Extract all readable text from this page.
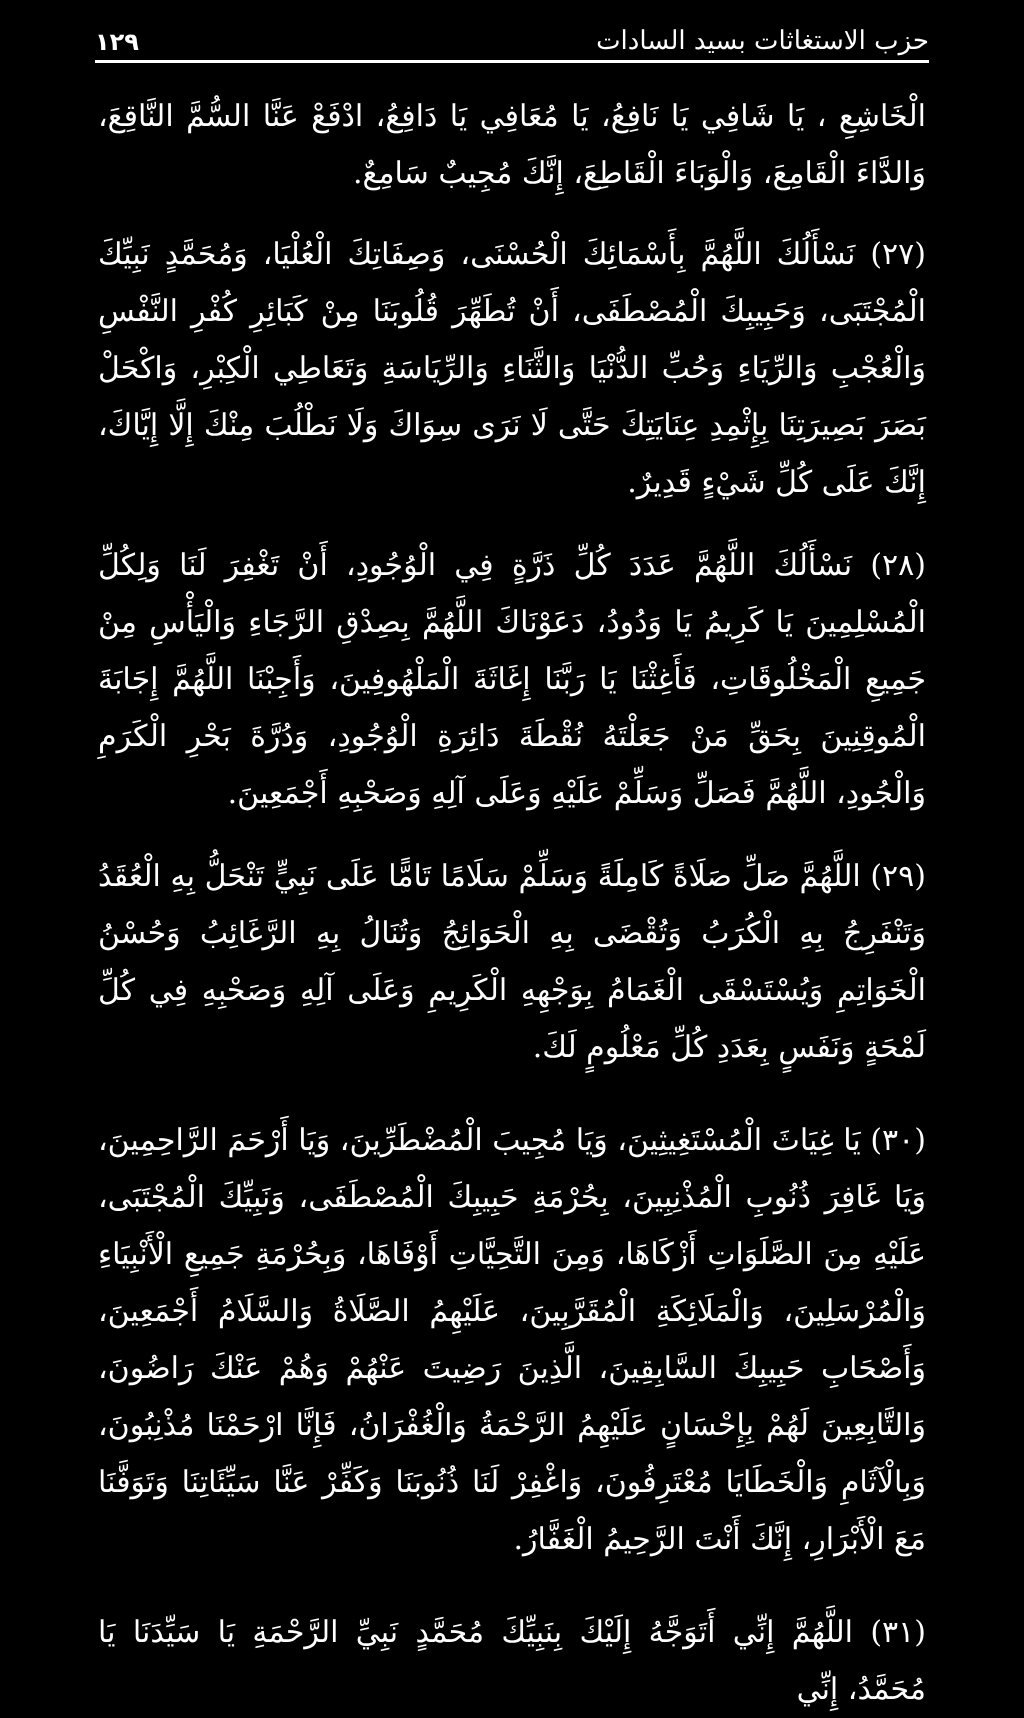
١٢٩	حزب الاستغاثات بسيد السادات

الْخَاشِعِ ، يَا شَافِي يَا نَافِعُ، يَا مُعَافِي يَا دَافِعُ، ادْفَعْ عَنَّا السُّمَّ النَّاقِعَ، وَالدَّاءَ الْقَامِعَ، وَالْوَبَاءَ الْقَاطِعَ، إِنَّكَ مُجِيبٌ سَامِعٌ.

(٢٧) نَسْأَلُكَ اللَّهُمَّ بِأَسْمَائِكَ الْحُسْنَى، وَصِفَاتِكَ الْعُلْيَا، وَمُحَمَّدٍ نَبِيِّكَ الْمُجْتَبَى، وَحَبِيبِكَ الْمُصْطَفَى، أَنْ تُطَهِّرَ قُلُوبَنَا مِنْ كَبَائِرِ كُفْرِ النَّفْسِ وَالْعُجْبِ وَالرِّيَاءِ وَحُبِّ الدُّنْيَا وَالثَّنَاءِ وَالرِّيَاسَةِ وَتَعَاطِي الْكِبْرِ، وَاكْحَلْ بَصَرَ بَصِيرَتِنَا بِإِثْمِدِ عِنَايَتِكَ حَتَّى لَا نَرَى سِوَاكَ وَلَا نَطْلُبَ مِنْكَ إِلَّا إِيَّاكَ، إِنَّكَ عَلَى كُلِّ شَيْءٍ قَدِيرٌ.

(٢٨) نَسْأَلُكَ اللَّهُمَّ عَدَدَ كُلِّ ذَرَّةٍ فِي الْوُجُودِ، أَنْ تَغْفِرَ لَنَا وَلِكُلِّ الْمُسْلِمِينَ يَا كَرِيمُ يَا وَدُودُ، دَعَوْنَاكَ اللَّهُمَّ بِصِدْقِ الرَّجَاءِ وَالْيَأْسِ مِنْ جَمِيعِ الْمَخْلُوقَاتِ، فَأَغِثْنَا يَا رَبَّنَا إِغَاثَةَ الْمَلْهُوفِينَ، وَأَجِبْنَا اللَّهُمَّ إِجَابَةَ الْمُوقِنِينَ بِحَقِّ مَنْ جَعَلْتَهُ نُقْطَةَ دَائِرَةِ الْوُجُودِ، وَدُرَّةَ بَحْرِ الْكَرَمِ وَالْجُودِ، اللَّهُمَّ فَصَلِّ وَسَلِّمْ عَلَيْهِ وَعَلَى آلِهِ وَصَحْبِهِ أَجْمَعِينَ.

(٢٩) اللَّهُمَّ صَلِّ صَلَاةً كَامِلَةً وَسَلِّمْ سَلَامًا تَامًّا عَلَى نَبِيٍّ تَنْحَلُّ بِهِ الْعُقَدُ وَتَنْفَرِجُ بِهِ الْكُرَبُ وَتُقْضَى بِهِ الْحَوَائِجُ وَتُنَالُ بِهِ الرَّغَائِبُ وَحُسْنُ الْخَوَاتِمِ وَيُسْتَسْقَى الْغَمَامُ بِوَجْهِهِ الْكَرِيمِ وَعَلَى آلِهِ وَصَحْبِهِ فِي كُلِّ لَمْحَةٍ وَنَفَسٍ بِعَدَدِ كُلِّ مَعْلُومٍ لَكَ.

(٣٠) يَا غِيَاثَ الْمُسْتَغِيثِينَ، وَيَا مُجِيبَ الْمُضْطَرِّينَ، وَيَا أَرْحَمَ الرَّاحِمِينَ، وَيَا غَافِرَ ذُنُوبِ الْمُذْنِبِينَ، بِحُرْمَةِ حَبِيبِكَ الْمُصْطَفَى، وَنَبِيِّكَ الْمُجْتَبَى، عَلَيْهِ مِنَ الصَّلَوَاتِ أَزْكَاهَا، وَمِنَ التَّحِيَّاتِ أَوْفَاهَا، وَبِحُرْمَةِ جَمِيعِ الْأَنْبِيَاءِ وَالْمُرْسَلِينَ، وَالْمَلَائِكَةِ الْمُقَرَّبِينَ، عَلَيْهِمُ الصَّلَاةُ وَالسَّلَامُ أَجْمَعِينَ، وَأَصْحَابِ حَبِيبِكَ السَّابِقِينَ، الَّذِينَ رَضِيتَ عَنْهُمْ وَهُمْ عَنْكَ رَاضُونَ، وَالتَّابِعِينَ لَهُمْ بِإِحْسَانٍ عَلَيْهِمُ الرَّحْمَةُ وَالْغُفْرَانُ، فَإِنَّا ارْحَمْنَا مُذْنِبُونَ، وَبِالْآثَامِ وَالْخَطَايَا مُعْتَرِفُونَ، وَاغْفِرْ لَنَا ذُنُوبَنَا وَكَفِّرْ عَنَّا سَيِّئَاتِنَا وَتَوَفَّنَا مَعَ الْأَبْرَارِ، إِنَّكَ أَنْتَ الرَّحِيمُ الْغَفَّارُ.

(٣١) اللَّهُمَّ إِنِّي أَتَوَجَّهُ إِلَيْكَ بِنَبِيِّكَ مُحَمَّدٍ نَبِيِّ الرَّحْمَةِ يَا سَيِّدَنَا يَا مُحَمَّدُ، إِنِّي
